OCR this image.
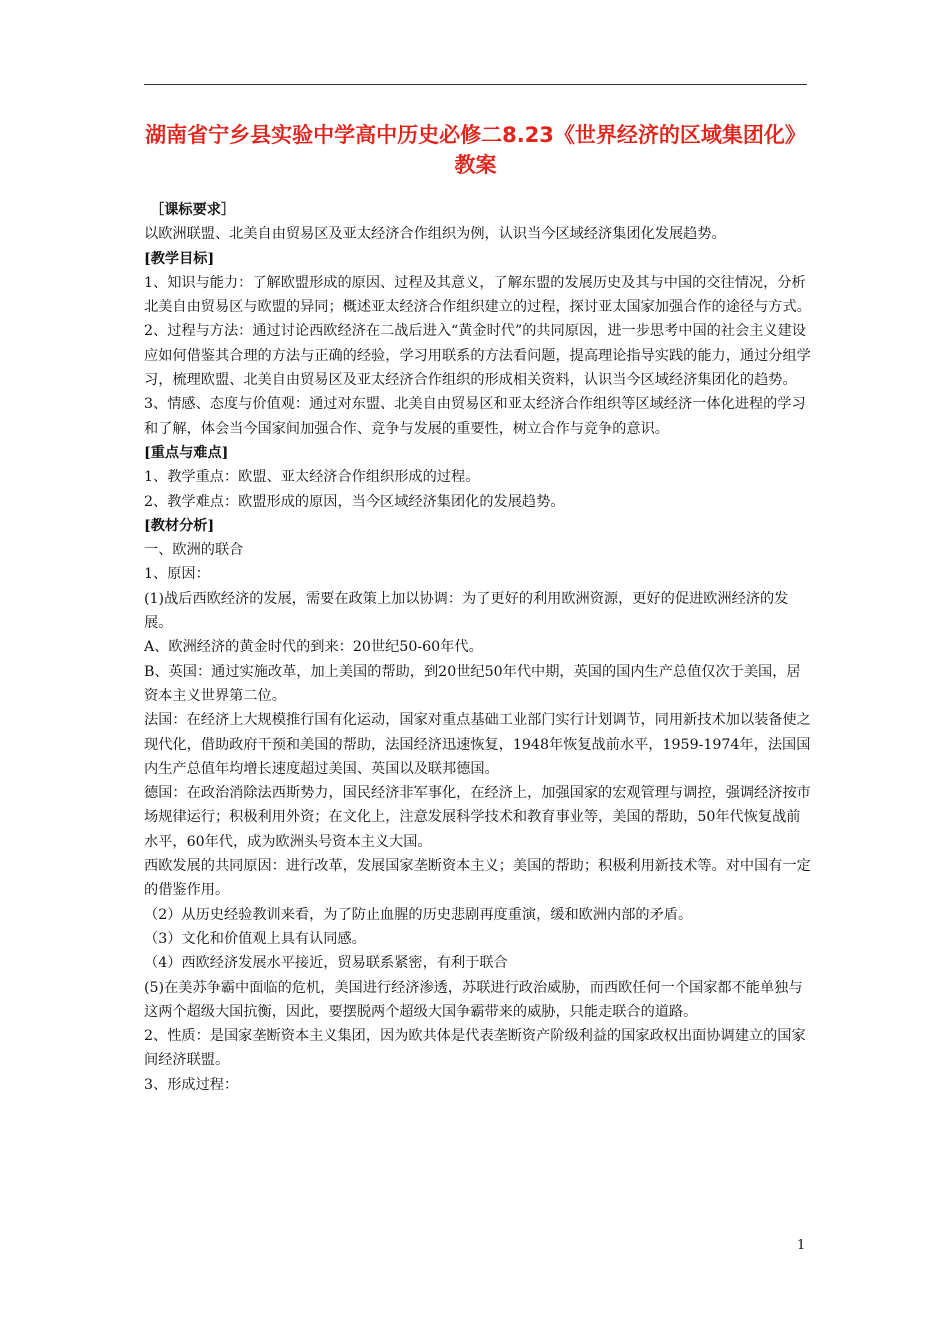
湖南省宁乡县实验中学高中历史必修二8.23《世界经济的区域集团化》教案

［课标要求］

以欧洲联盟、北美自由贸易区及亚太经济合作组织为例，认识当今区域经济集团化发展趋势。

[教学目标]

1、知识与能力：了解欧盟形成的原因、过程及其意义，了解东盟的发展历史及其与中国的交往情况，分析北美自由贸易区与欧盟的异同；概述亚太经济合作组织建立的过程，探讨亚太国家加强合作的途径与方式。

2、过程与方法：通过讨论西欧经济在二战后进入“黄金时代”的共同原因，进一步思考中国的社会主义建设应如何借鉴其合理的方法与正确的经验，学习用联系的方法看问题，提高理论指导实践的能力，通过分组学习，梳理欧盟、北美自由贸易区及亚太经济合作组织的形成相关资料，认识当今区域经济集团化的趋势。

3、情感、态度与价值观：通过对东盟、北美自由贸易区和亚太经济合作组织等区域经济一体化进程的学习和了解，体会当今国家间加强合作、竞争与发展的重要性，树立合作与竞争的意识。

[重点与难点]

1、教学重点：欧盟、亚太经济合作组织形成的过程。

2、教学难点：欧盟形成的原因，当今区域经济集团化的发展趋势。

[教材分析]

一、欧洲的联合

1、原因：

(1)战后西欧经济的发展，需要在政策上加以协调：为了更好的利用欧洲资源，更好的促进欧洲经济的发展。

A、欧洲经济的黄金时代的到来：20世纪50-60年代。

B、英国：通过实施改革，加上美国的帮助，到20世纪50年代中期，英国的国内生产总值仅次于美国，居资本主义世界第二位。

法国：在经济上大规模推行国有化运动，国家对重点基础工业部门实行计划调节，同用新技术加以装备使之现代化，借助政府干预和美国的帮助，法国经济迅速恢复，1948年恢复战前水平，1959-1974年，法国国内生产总值年均增长速度超过美国、英国以及联邦德国。

德国：在政治消除法西斯势力，国民经济非军事化，在经济上，加强国家的宏观管理与调控，强调经济按市场规律运行；积极利用外资；在文化上，注意发展科学技术和教育事业等，美国的帮助，50年代恢复战前水平，60年代，成为欧洲头号资本主义大国。

西欧发展的共同原因：进行改革，发展国家垄断资本主义；美国的帮助；积极利用新技术等。对中国有一定的借鉴作用。

（2）从历史经验教训来看，为了防止血腥的历史悲剧再度重演，缓和欧洲内部的矛盾。

（3）文化和价值观上具有认同感。

（4）西欧经济发展水平接近，贸易联系紧密，有利于联合

(5)在美苏争霸中面临的危机，美国进行经济渗透，苏联进行政治威胁，而西欧任何一个国家都不能单独与这两个超级大国抗衡，因此，要摆脱两个超级大国争霸带来的威胁，只能走联合的道路。

2、性质：是国家垄断资本主义集团，因为欧共体是代表垄断资产阶级利益的国家政权出面协调建立的国家间经济联盟。

3、形成过程：

1
